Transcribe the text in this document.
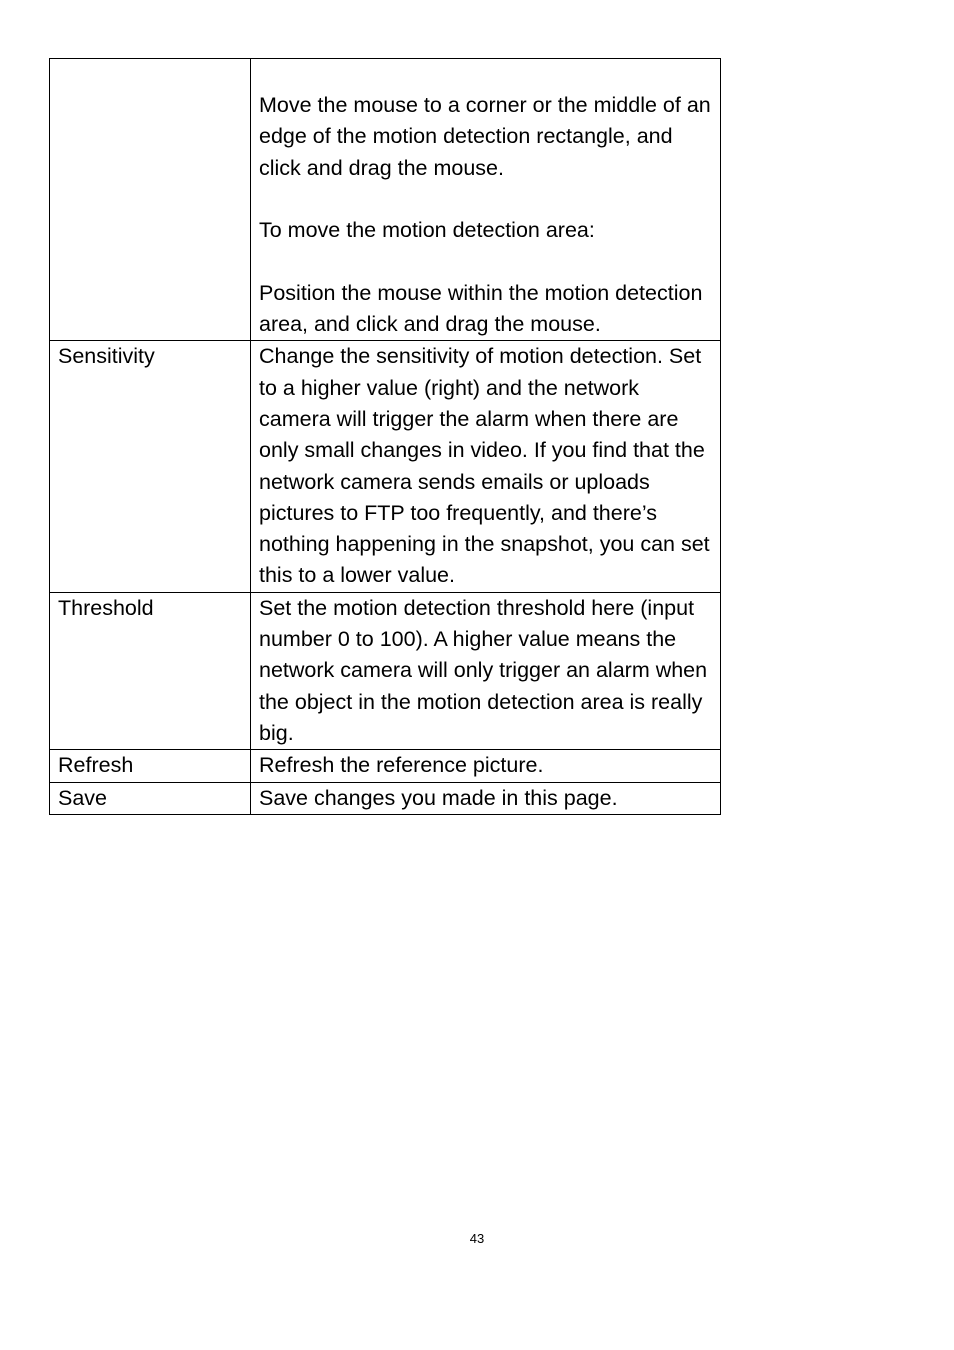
	Move the mouse to a corner or the middle of an edge of the motion detection rectangle, and click and drag the mouse.
To move the motion detection area:
Position the mouse within the motion detection area, and click and drag the mouse.

Sensitivity	Change the sensitivity of motion detection. Set to a higher value (right) and the network camera will trigger the alarm when there are only small changes in video. If you find that the network camera sends emails or uploads pictures to FTP too frequently, and there’s nothing happening in the snapshot, you can set this to a lower value.

Threshold	Set the motion detection threshold here (input number 0 to 100). A higher value means the network camera will only trigger an alarm when the object in the motion detection area is really big.

Refresh	Refresh the reference picture.

Save	Save changes you made in this page.
43
